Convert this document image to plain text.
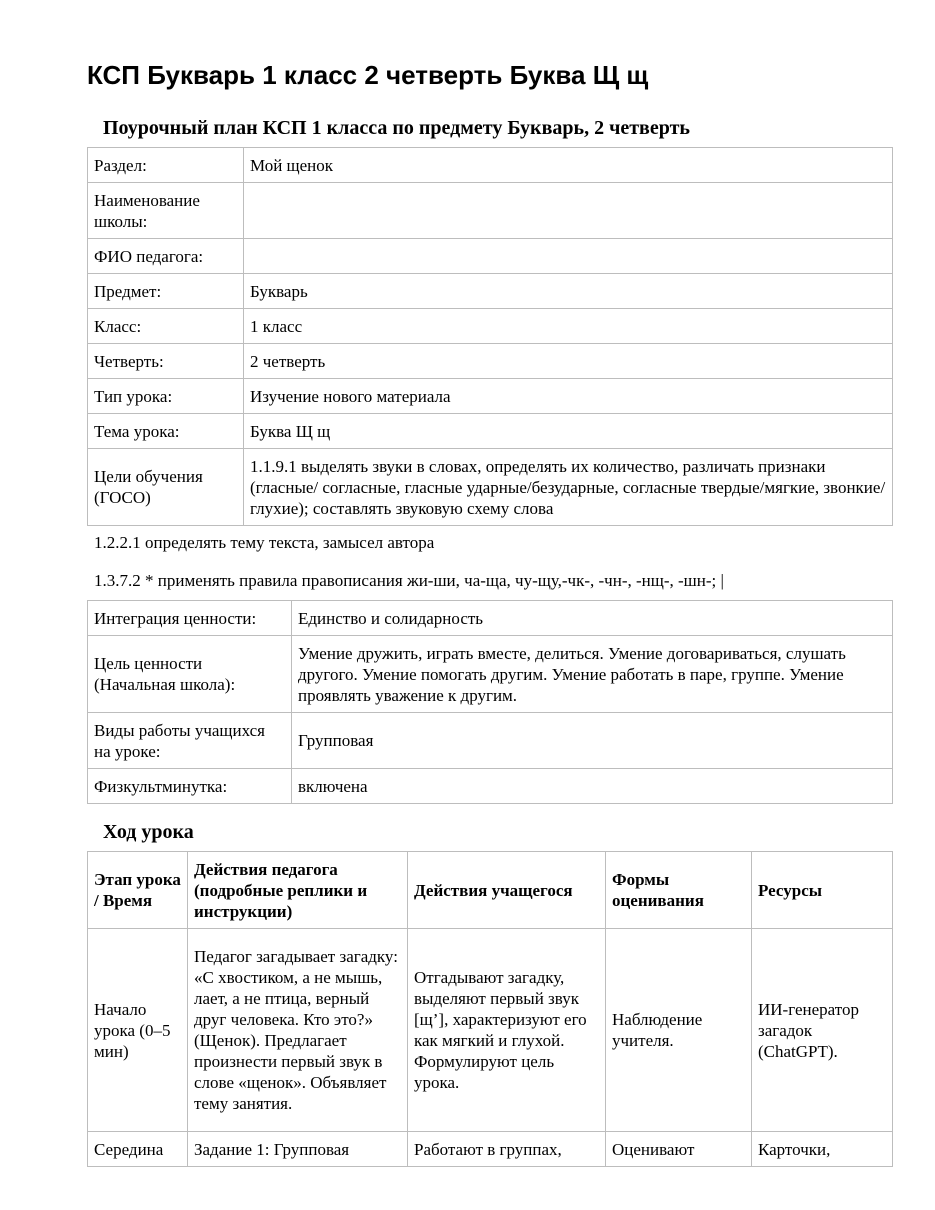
КСП Букварь 1 класс 2 четверть Буква Щ щ
Поурочный план КСП 1 класса по предмету Букварь, 2 четверть
Раздел:	Мой щенок
Наименование школы:	
ФИО педагога:	
Предмет:	Букварь
Класс:	1 класс
Четверть:	2 четверть
Тип урока:	Изучение нового материала
Тема урока:	Буква Щ щ
Цели обучения (ГОСО)	1.1.9.1 выделять звуки в словах, определять их количество, различать признаки (гласные/ согласные, гласные ударные/безударные, согласные твердые/мягкие, звонкие/глухие); составлять звуковую схему слова
1.2.2.1 определять тему текста, замысел автора
1.3.7.2 * применять правила правописания жи-ши, ча-ща, чу-щу,-чк-, -чн-, -нщ-, -шн-; |
Интеграция ценности:	Единство и солидарность
Цель ценности (Начальная школа):	Умение дружить, играть вместе, делиться. Умение договариваться, слушать другого. Умение помогать другим. Умение работать в паре, группе. Умение проявлять уважение к другим.
Виды работы учащихся на уроке:	Групповая
Физкультминутка:	включена
Ход урока
Этап урока / Время	Действия педагога (подробные реплики и инструкции)	Действия учащегося	Формы оценивания	Ресурсы
Начало урока (0–5 мин)	Педагог загадывает загадку: «С хвостиком, а не мышь, лает, а не птица, верный друг человека. Кто это?» (Щенок). Предлагает произнести первый звук в слове «щенок». Объявляет тему занятия.	Отгадывают загадку, выделяют первый звук [щ’], характеризуют его как мягкий и глухой. Формулируют цель урока.	Наблюдение учителя.	ИИ-генератор загадок (ChatGPT).
Середина	Задание 1: Групповая	Работают в группах,	Оценивают	Карточки,
